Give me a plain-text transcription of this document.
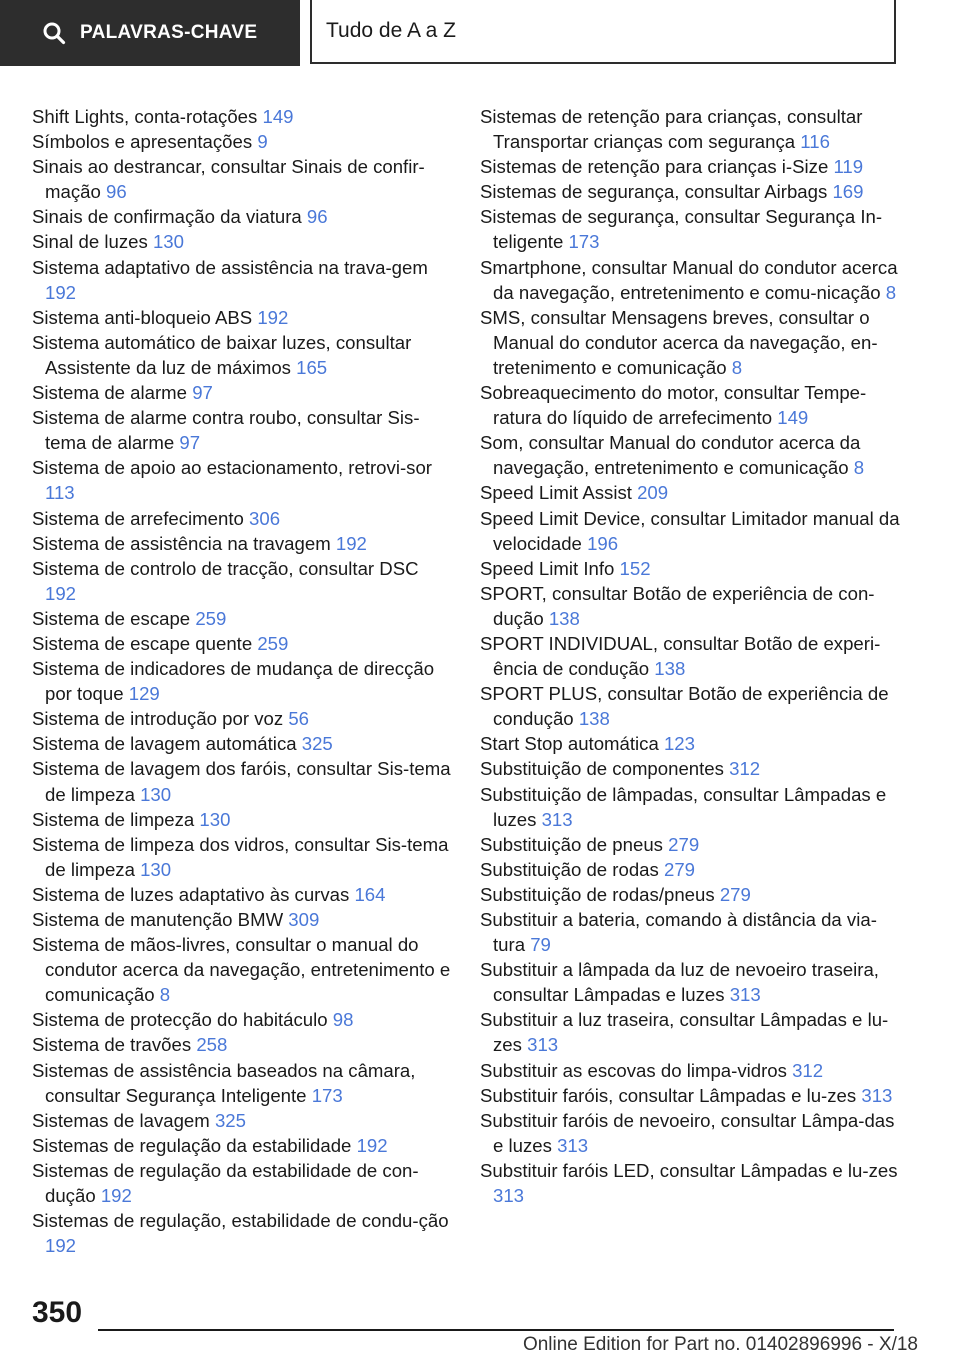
PALAVRAS-CHAVE	Tudo de A a Z
Shift Lights, conta-rotações 149
Símbolos e apresentações 9
Sinais ao destrancar, consultar Sinais de confir‐mação 96
Sinais de confirmação da viatura 96
Sinal de luzes 130
Sistema adaptativo de assistência na trava‐gem 192
Sistema anti-bloqueio ABS 192
Sistema automático de baixar luzes, consultar Assistente da luz de máximos 165
Sistema de alarme 97
Sistema de alarme contra roubo, consultar Sis‐tema de alarme 97
Sistema de apoio ao estacionamento, retrovi‐sor 113
Sistema de arrefecimento 306
Sistema de assistência na travagem 192
Sistema de controlo de tracção, consultar DSC 192
Sistema de escape 259
Sistema de escape quente 259
Sistema de indicadores de mudança de direcção por toque 129
Sistema de introdução por voz 56
Sistema de lavagem automática 325
Sistema de lavagem dos faróis, consultar Sis‐tema de limpeza 130
Sistema de limpeza 130
Sistema de limpeza dos vidros, consultar Sis‐tema de limpeza 130
Sistema de luzes adaptativo às curvas 164
Sistema de manutenção BMW 309
Sistema de mãos-livres, consultar o manual do condutor acerca da navegação, entretenimento e comunicação 8
Sistema de protecção do habitáculo 98
Sistema de travões 258
Sistemas de assistência baseados na câmara, consultar Segurança Inteligente 173
Sistemas de lavagem 325
Sistemas de regulação da estabilidade 192
Sistemas de regulação da estabilidade de con‐dução 192
Sistemas de regulação, estabilidade de condu‐ção 192
Sistemas de retenção para crianças, consultar Transportar crianças com segurança 116
Sistemas de retenção para crianças i-Size 119
Sistemas de segurança, consultar Airbags 169
Sistemas de segurança, consultar Segurança In‐teligente 173
Smartphone, consultar Manual do condutor acerca da navegação, entretenimento e comu‐nicação 8
SMS, consultar Mensagens breves, consultar o Manual do condutor acerca da navegação, en‐tretenimento e comunicação 8
Sobreaquecimento do motor, consultar Tempe‐ratura do líquido de arrefecimento 149
Som, consultar Manual do condutor acerca da navegação, entretenimento e comunicação 8
Speed Limit Assist 209
Speed Limit Device, consultar Limitador manual da velocidade 196
Speed Limit Info 152
SPORT, consultar Botão de experiência de con‐dução 138
SPORT INDIVIDUAL, consultar Botão de experi‐ência de condução 138
SPORT PLUS, consultar Botão de experiência de condução 138
Start Stop automática 123
Substituição de componentes 312
Substituição de lâmpadas, consultar Lâmpadas e luzes 313
Substituição de pneus 279
Substituição de rodas 279
Substituição de rodas/pneus 279
Substituir a bateria, comando à distância da via‐tura 79
Substituir a lâmpada da luz de nevoeiro traseira, consultar Lâmpadas e luzes 313
Substituir a luz traseira, consultar Lâmpadas e lu‐zes 313
Substituir as escovas do limpa-vidros 312
Substituir faróis, consultar Lâmpadas e lu‐zes 313
Substituir faróis de nevoeiro, consultar Lâmpa‐das e luzes 313
Substituir faróis LED, consultar Lâmpadas e lu‐zes 313
350
Online Edition for Part no. 01402896996 - X/18
